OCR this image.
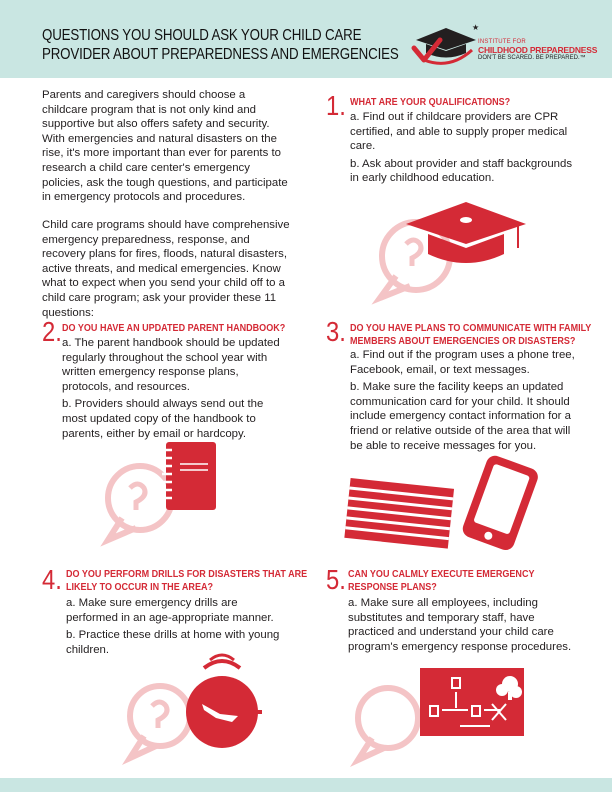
QUESTIONS YOU SHOULD ASK YOUR CHILD CARE
PROVIDER ABOUT PREPAREDNESS AND EMERGENCIES
★
INSTITUTE FOR
CHILDHOOD PREPAREDNESS
DON'T BE SCARED. BE PREPARED.™
Parents and caregivers should choose a childcare program that is not only kind and supportive but also offers safety and security. With emergencies and natural disasters on the rise, it's more important than ever for parents to research a child care center's emergency policies, ask the tough questions, and participate in emergency protocols and procedures.
Child care programs should have comprehensive emergency preparedness, response, and recovery plans for fires, floods, natural disasters, active threats, and medical emergencies. Know what to expect when you send your child off to a child care program; ask your provider these 11 questions:
1. WHAT ARE YOUR QUALIFICATIONS?
a. Find out if childcare providers are CPR certified, and able to supply proper medical care.
b. Ask about provider and staff backgrounds in early childhood education.
2. DO YOU HAVE AN UPDATED PARENT HANDBOOK?
a. The parent handbook should be updated regularly throughout the school year with written emergency response plans, protocols, and resources.
b. Providers should always send out the most updated copy of the handbook to parents, either by email or hardcopy.
3. DO YOU HAVE PLANS TO COMMUNICATE WITH FAMILY
MEMBERS ABOUT EMERGENCIES OR DISASTERS?
a. Find out if the program uses a phone tree, Facebook, email, or text messages.
b. Make sure the facility keeps an updated communication card for your child. It should include emergency contact information for a friend or relative outside of the area that will be able to receive messages for you.
4. DO YOU PERFORM DRILLS FOR DISASTERS THAT ARE
LIKELY TO OCCUR IN THE AREA?
a. Make sure emergency drills are performed in an age-appropriate manner.
b. Practice these drills at home with young children.
5. CAN YOU CALMLY EXECUTE EMERGENCY
RESPONSE PLANS?
a. Make sure all employees, including substitutes and temporary staff, have practiced and understand your child care program's emergency response procedures.
